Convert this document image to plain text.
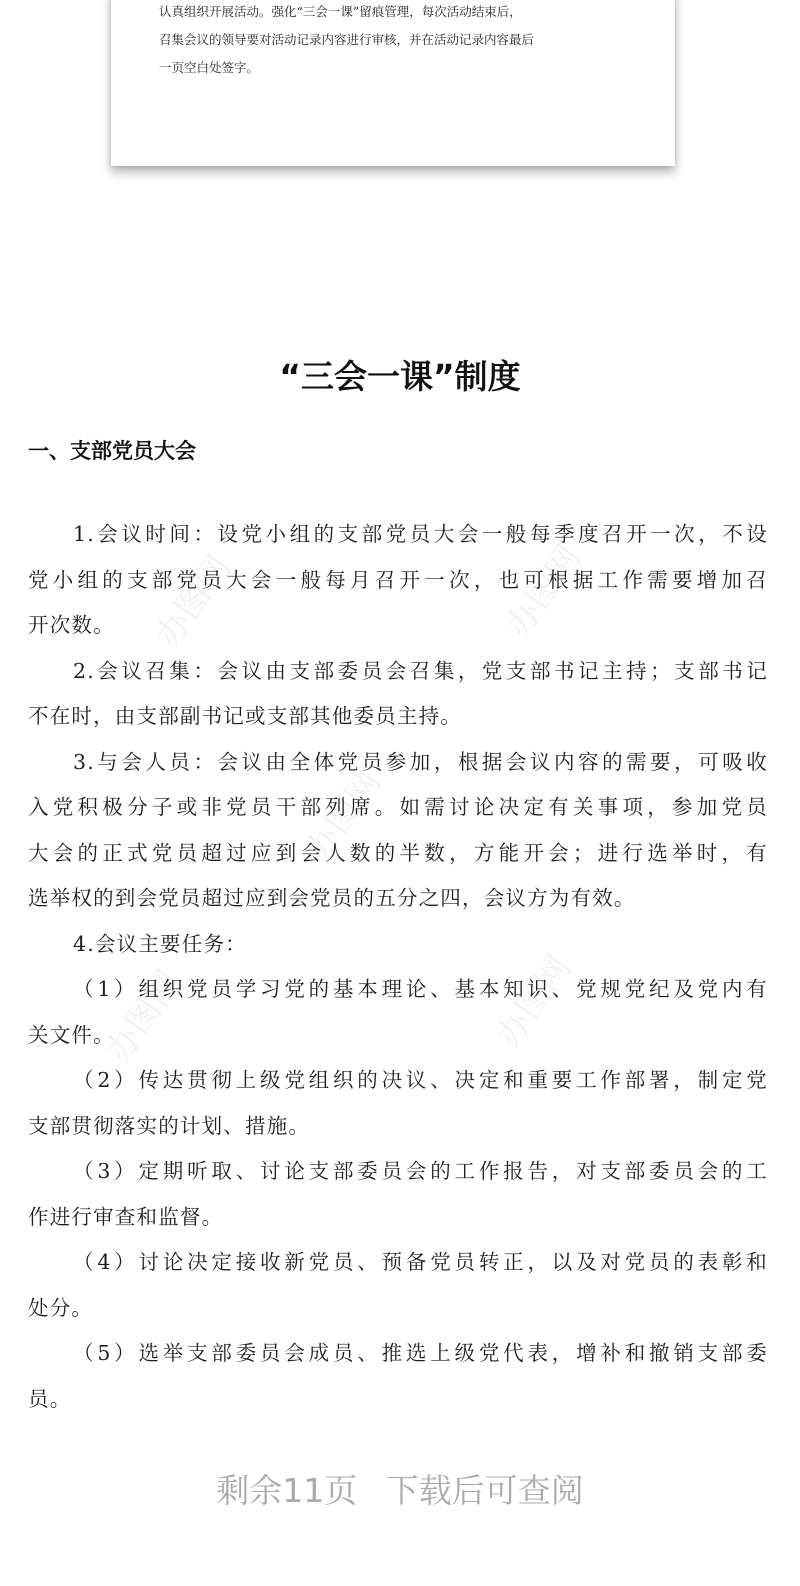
认真组织开展活动。强化“三会一课”留痕管理，每次活动结束后，
召集会议的领导要对活动记录内容进行审核，并在活动记录内容最后
一页空白处签字。
办图网	办图网
办图网
办图网	办图网
“三会一课”制度
一、支部党员大会
1.会议时间：设党小组的支部党员大会一般每季度召开一次，不设
党小组的支部党员大会一般每月召开一次，也可根据工作需要增加召
开次数。
2.会议召集：会议由支部委员会召集，党支部书记主持；支部书记
不在时，由支部副书记或支部其他委员主持。
3.与会人员：会议由全体党员参加，根据会议内容的需要，可吸收
入党积极分子或非党员干部列席。如需讨论决定有关事项，参加党员
大会的正式党员超过应到会人数的半数，方能开会；进行选举时，有
选举权的到会党员超过应到会党员的五分之四，会议方为有效。
4.会议主要任务：
（1）组织党员学习党的基本理论、基本知识、党规党纪及党内有
关文件。
（2）传达贯彻上级党组织的决议、决定和重要工作部署，制定党
支部贯彻落实的计划、措施。
（3）定期听取、讨论支部委员会的工作报告，对支部委员会的工
作进行审查和监督。
（4）讨论决定接收新党员、预备党员转正，以及对党员的表彰和
处分。
（5）选举支部委员会成员、推选上级党代表，增补和撤销支部委
员。
剩余11页 下载后可查阅
